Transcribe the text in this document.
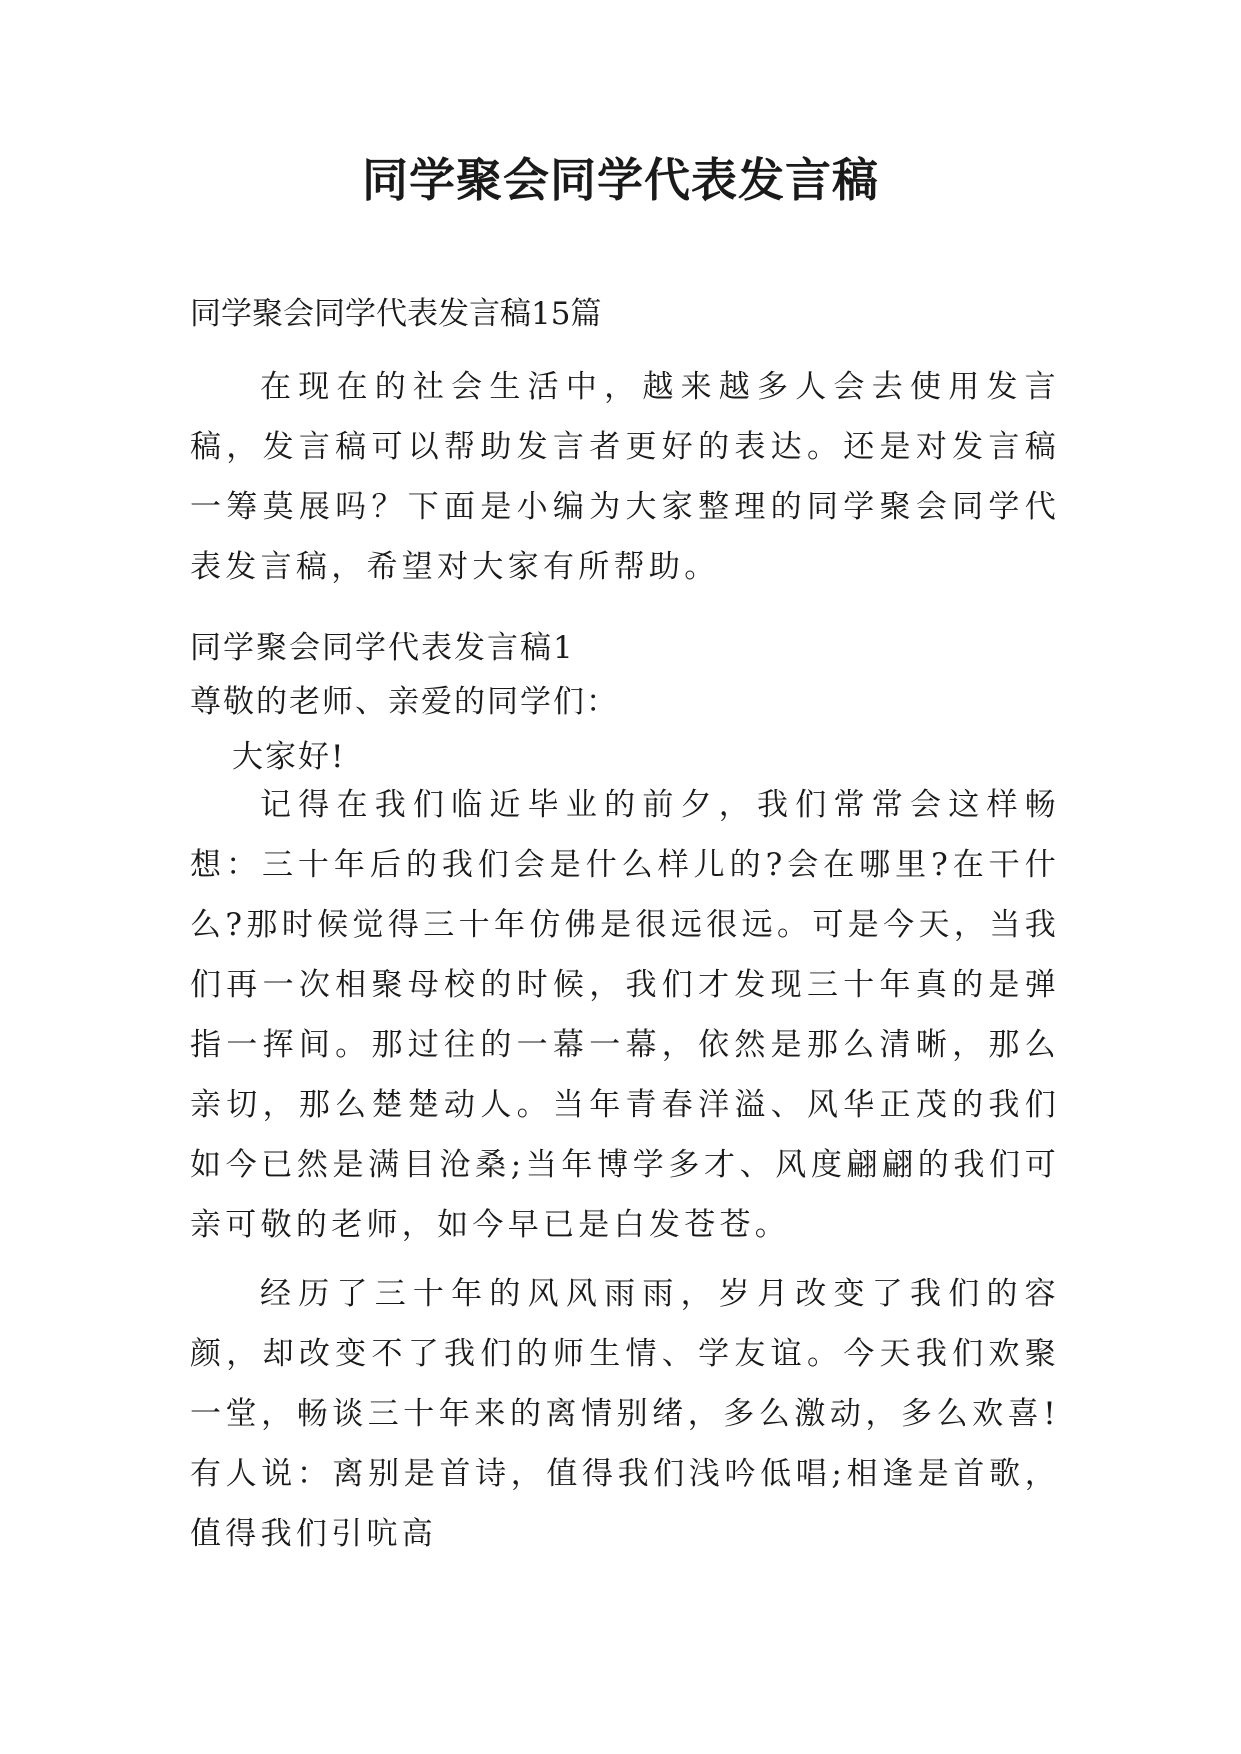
同学聚会同学代表发言稿

同学聚会同学代表发言稿15篇

在现在的社会生活中，越来越多人会去使用发言稿，发言稿可以帮助发言者更好的表达。还是对发言稿一筹莫展吗？下面是小编为大家整理的同学聚会同学代表发言稿，希望对大家有所帮助。

同学聚会同学代表发言稿1

尊敬的老师、亲爱的同学们：

大家好!

记得在我们临近毕业的前夕，我们常常会这样畅想：三十年后的我们会是什么样儿的?会在哪里?在干什么?那时候觉得三十年仿佛是很远很远。可是今天，当我们再一次相聚母校的时候，我们才发现三十年真的是弹指一挥间。那过往的一幕一幕，依然是那么清晰，那么亲切，那么楚楚动人。当年青春洋溢、风华正茂的我们如今已然是满目沧桑;当年博学多才、风度翩翩的我们可亲可敬的老师，如今早已是白发苍苍。

经历了三十年的风风雨雨，岁月改变了我们的容颜，却改变不了我们的师生情、学友谊。今天我们欢聚一堂，畅谈三十年来的离情别绪，多么激动，多么欢喜!有人说：离别是首诗，值得我们浅吟低唱;相逢是首歌，值得我们引吭高
